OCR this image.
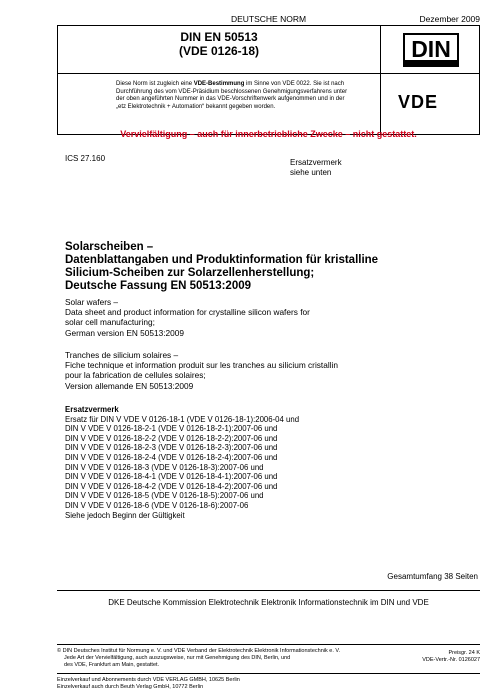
DEUTSCHE NORM	Dezember 2009
DIN EN 50513
(VDE 0126-18)
Diese Norm ist zugleich eine VDE-Bestimmung im Sinne von VDE 0022. Sie ist nach
Durchführung des vom VDE-Präsidium beschlossenen Genehmigungsverfahrens unter
der oben angeführten Nummer in das VDE-Vorschriftenwerk aufgenommen und in der
„etz Elektrotechnik + Automation“ bekannt gegeben worden.
DIN
VDE
Vervielfältigung – auch für innerbetriebliche Zwecke – nicht gestattet.
ICS 27.160	Ersatzvermerk
siehe unten
Solarscheiben –
Datenblattangaben und Produktinformation für kristalline
Silicium-Scheiben zur Solarzellenherstellung;
Deutsche Fassung EN 50513:2009
Solar wafers –
Data sheet and product information for crystalline silicon wafers for
solar cell manufacturing;
German version EN 50513:2009
Tranches de silicium solaires –
Fiche technique et information produit sur les tranches au silicium cristallin
pour la fabrication de cellules solaires;
Version allemande EN 50513:2009
Ersatzvermerk
Ersatz für DIN V VDE V 0126-18-1 (VDE V 0126-18-1):2006-04 und
DIN V VDE V 0126-18-2-1 (VDE V 0126-18-2-1):2007-06 und
DIN V VDE V 0126-18-2-2 (VDE V 0126-18-2-2):2007-06 und
DIN V VDE V 0126-18-2-3 (VDE V 0126-18-2-3):2007-06 und
DIN V VDE V 0126-18-2-4 (VDE V 0126-18-2-4):2007-06 und
DIN V VDE V 0126-18-3 (VDE V 0126-18-3):2007-06 und
DIN V VDE V 0126-18-4-1 (VDE V 0126-18-4-1):2007-06 und
DIN V VDE V 0126-18-4-2 (VDE V 0126-18-4-2):2007-06 und
DIN V VDE V 0126-18-5 (VDE V 0126-18-5):2007-06 und
DIN V VDE V 0126-18-6 (VDE V 0126-18-6):2007-06
Siehe jedoch Beginn der Gültigkeit
Gesamtumfang 38 Seiten
DKE Deutsche Kommission Elektrotechnik Elektronik Informationstechnik im DIN und VDE
© DIN Deutsches Institut für Normung e. V. und VDE Verband der Elektrotechnik Elektronik Informationstechnik e. V.
Jede Art der Vervielfältigung, auch auszugsweise, nur mit Genehmigung des DIN, Berlin, und
des VDE, Frankfurt am Main, gestattet.
Preisgr. 24 K
VDE-Vertr.-Nr. 0126027
Einzelverkauf und Abonnements durch VDE VERLAG GMBH, 10625 Berlin
Einzelverkauf auch durch Beuth Verlag GmbH, 10772 Berlin
